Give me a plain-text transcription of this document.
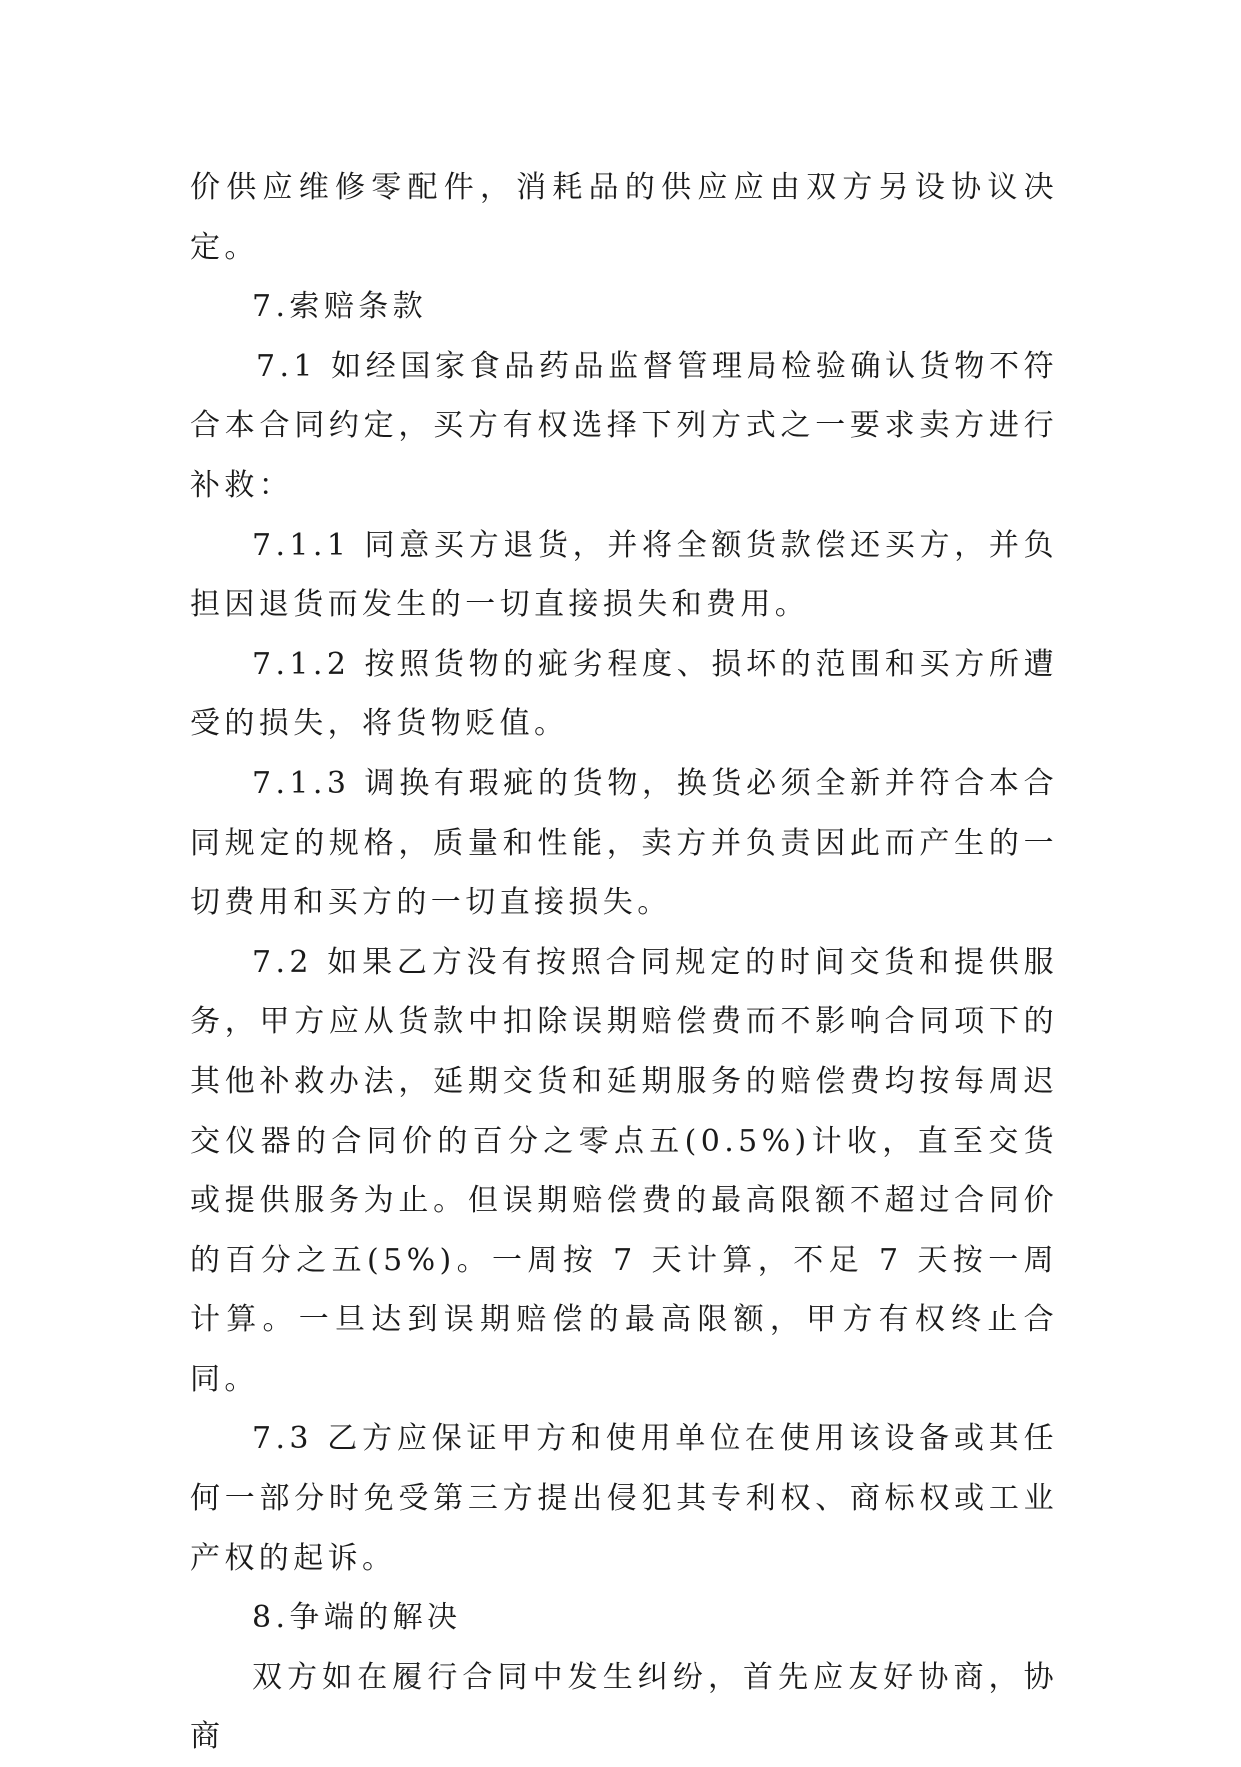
价供应维修零配件，消耗品的供应应由双方另设协议决定。

7.索赔条款

7.1 如经国家食品药品监督管理局检验确认货物不符合本合同约定，买方有权选择下列方式之一要求卖方进行补救：

7.1.1 同意买方退货，并将全额货款偿还买方，并负担因退货而发生的一切直接损失和费用。

7.1.2 按照货物的疵劣程度、损坏的范围和买方所遭受的损失，将货物贬值。

7.1.3 调换有瑕疵的货物，换货必须全新并符合本合同规定的规格，质量和性能，卖方并负责因此而产生的一切费用和买方的一切直接损失。

7.2 如果乙方没有按照合同规定的时间交货和提供服务，甲方应从货款中扣除误期赔偿费而不影响合同项下的其他补救办法，延期交货和延期服务的赔偿费均按每周迟交仪器的合同价的百分之零点五(0.5%)计收，直至交货或提供服务为止。但误期赔偿费的最高限额不超过合同价的百分之五(5%)。一周按 7 天计算，不足 7 天按一周计算。一旦达到误期赔偿的最高限额，甲方有权终止合同。

7.3 乙方应保证甲方和使用单位在使用该设备或其任何一部分时免受第三方提出侵犯其专利权、商标权或工业产权的起诉。

8.争端的解决

双方如在履行合同中发生纠纷，首先应友好协商，协商
